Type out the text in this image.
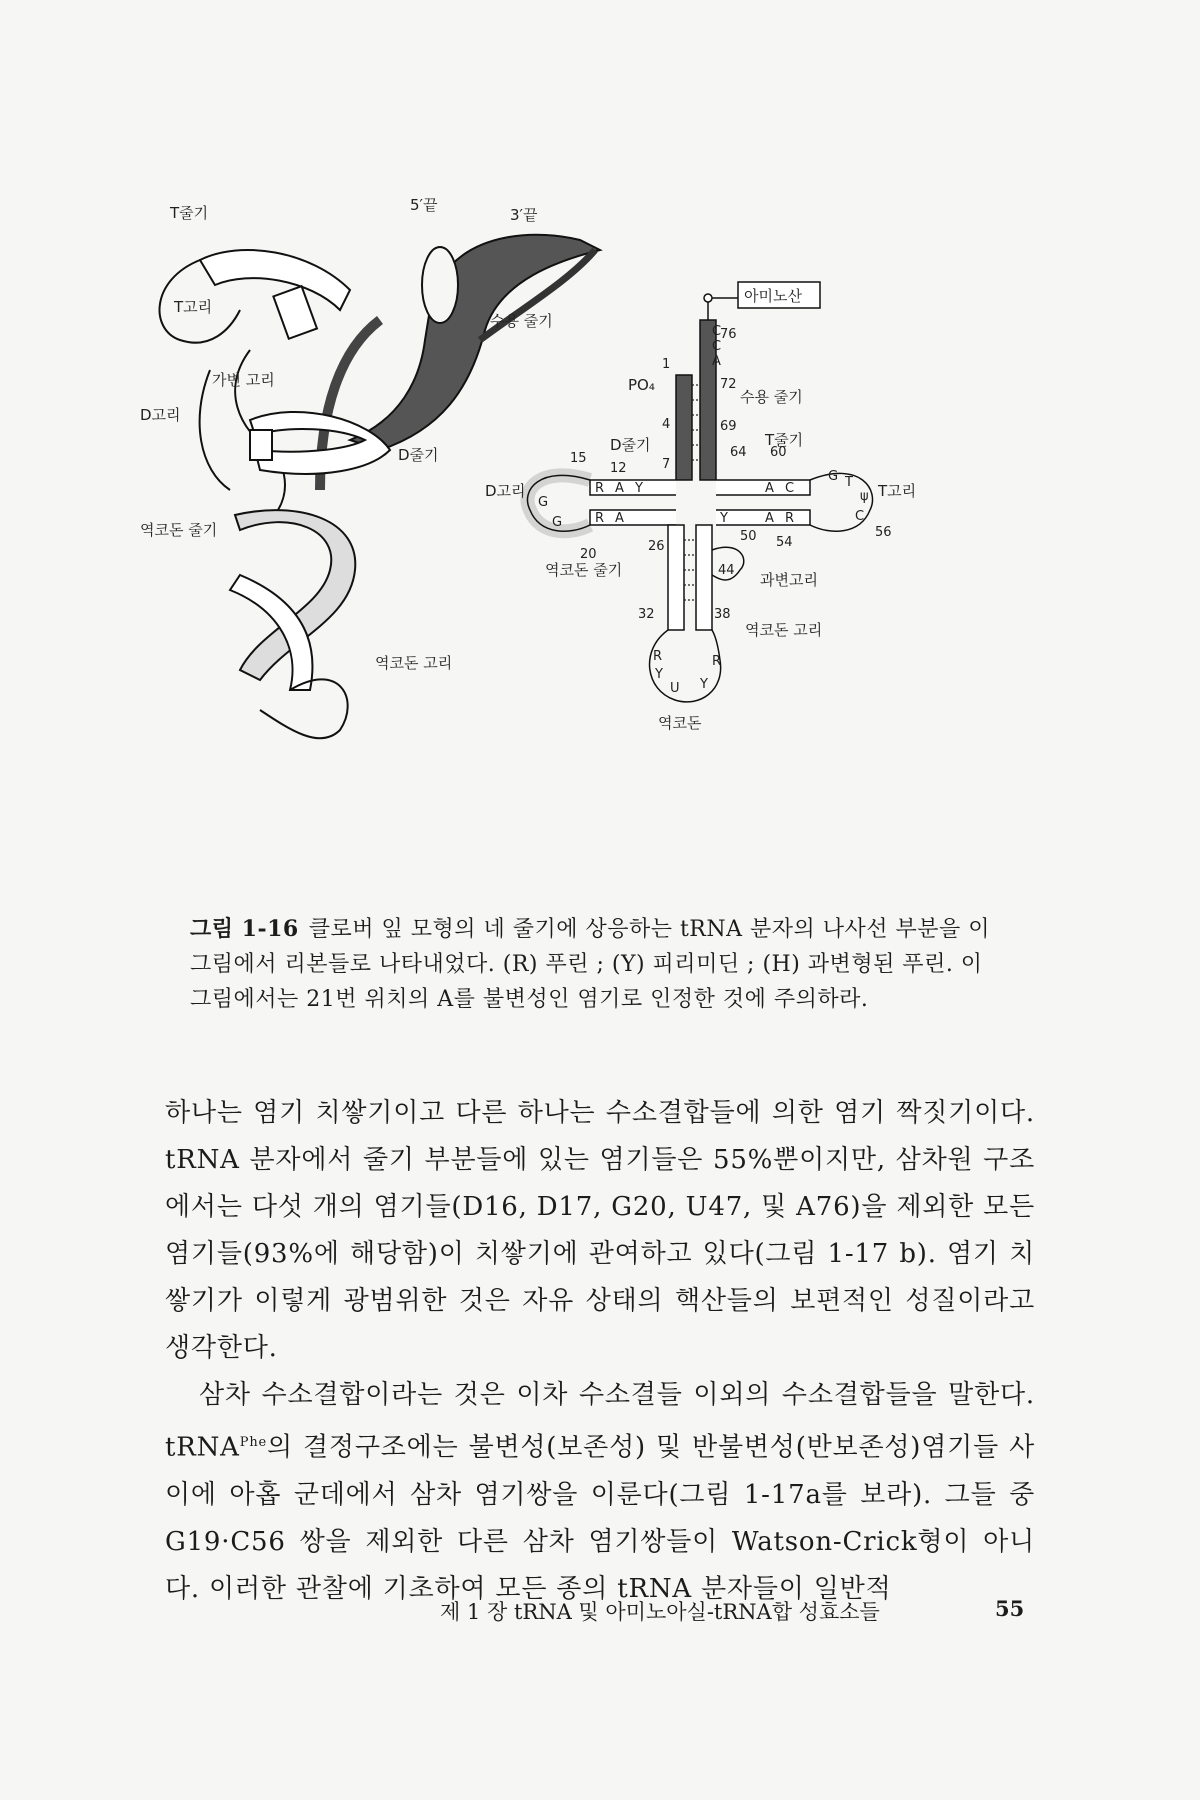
T줄기	5′끝
3′끝
T고리
수용 줄기
가변 고리
D고리
D줄기
역코돈 줄기
역코돈 고리
아미노산
C
C
A
R A Y
R A
G
G
A C
Y	A R
G T
ψ
C
R
Y
U Y
R
76
1
72
69
4
7
64 60
15
12
56
50 54
20
26
44
32	38
PO₄
수용 줄기
T줄기
T고리
D줄기
D고리
역코돈 줄기
과변고리
역코돈 고리
역코돈
그림 1-16 클로버 잎 모형의 네 줄기에 상응하는 tRNA 분자의 나사선 부분을 이 그림에서 리본들로 나타내었다. (R) 푸린 ; (Y) 피리미딘 ; (H) 과변형된 푸린. 이 그림에서는 21번 위치의 A를 불변성인 염기로 인정한 것에 주의하라.

하나는 염기 치쌓기이고 다른 하나는 수소결합들에 의한 염기 짝짓기이다. tRNA 분자에서 줄기 부분들에 있는 염기들은 55%뿐이지만, 삼차원 구조에서는 다섯 개의 염기들(D16, D17, G20, U47, 및 A76)을 제외한 모든 염기들(93%에 해당함)이 치쌓기에 관여하고 있다(그림 1-17 b). 염기 치쌓기가 이렇게 광범위한 것은 자유 상태의 핵산들의 보편적인 성질이라고 생각한다.

삼차 수소결합이라는 것은 이차 수소결들 이외의 수소결합들을 말한다. tRNA$^{Phe}$의 결정구조에는 불변성(보존성) 및 반불변성(반보존성)염기들 사이에 아홉 군데에서 삼차 염기쌍을 이룬다(그림 1-17a를 보라). 그들 중 G19·C56 쌍을 제외한 다른 삼차 염기쌍들이 Watson-Crick형이 아니다. 이러한 관찰에 기초하여 모든 종의 tRNA 분자들이 일반적

제 1 장 tRNA 및 아미노아실-tRNA합 성효소들	55
